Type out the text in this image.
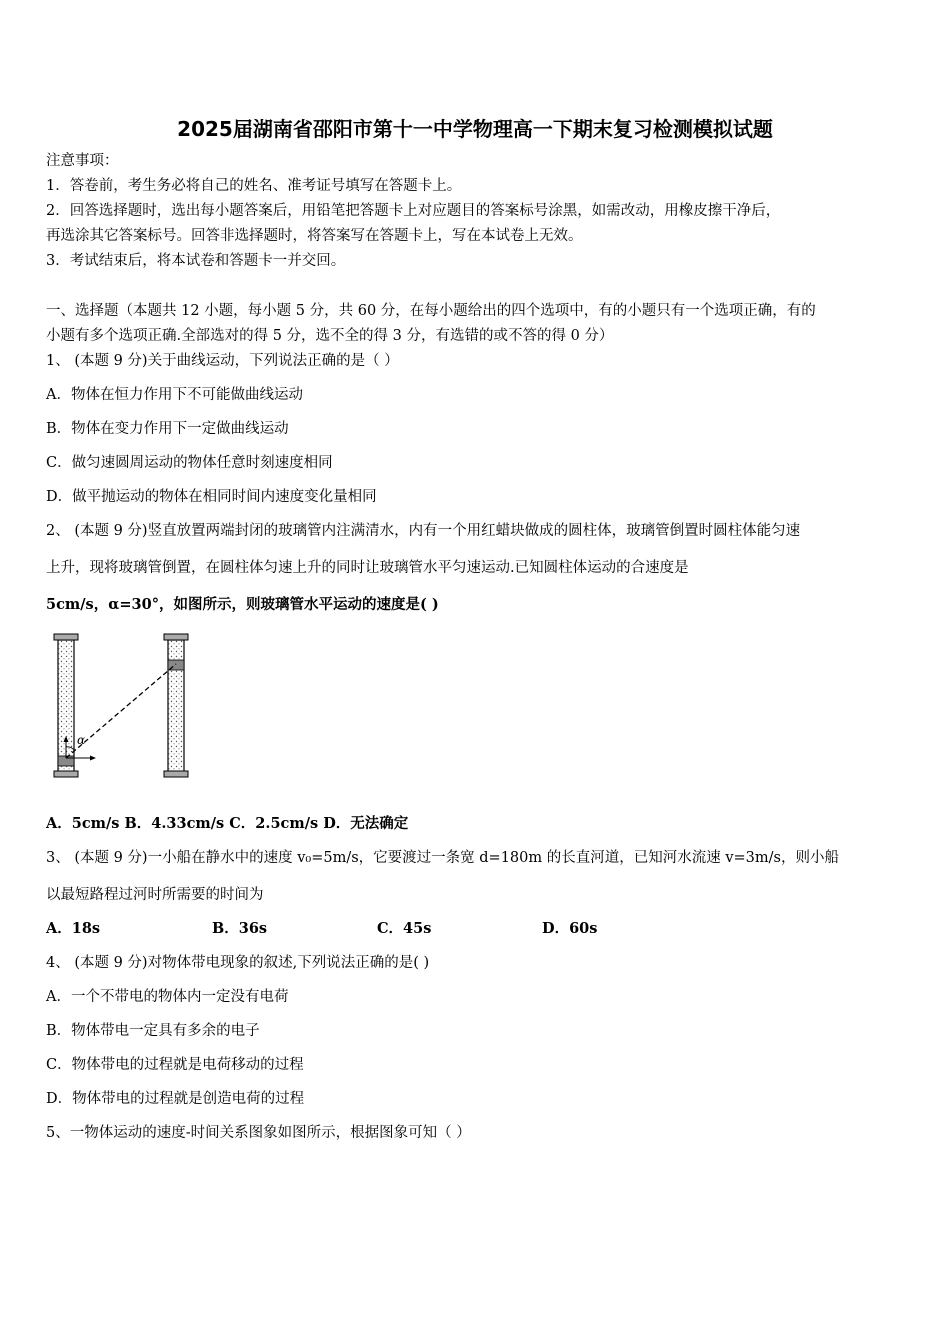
2025届湖南省邵阳市第十一中学物理高一下期末复习检测模拟试题
注意事项：
1．答卷前，考生务必将自己的姓名、准考证号填写在答题卡上。
2．回答选择题时，选出每小题答案后，用铅笔把答题卡上对应题目的答案标号涂黑，如需改动，用橡皮擦干净后，
再选涂其它答案标号。回答非选择题时，将答案写在答题卡上，写在本试卷上无效。
3．考试结束后，将本试卷和答题卡一并交回。
一、选择题（本题共 12 小题，每小题 5 分，共 60 分，在每小题给出的四个选项中，有的小题只有一个选项正确，有的
小题有多个选项正确.全部选对的得 5 分，选不全的得 3 分，有选错的或不答的得 0 分）
1、 (本题 9 分)关于曲线运动，下列说法正确的是（ ）
A．物体在恒力作用下不可能做曲线运动
B．物体在变力作用下一定做曲线运动
C．做匀速圆周运动的物体任意时刻速度相同
D．做平抛运动的物体在相同时间内速度变化量相同
2、 (本题 9 分)竖直放置两端封闭的玻璃管内注满清水，内有一个用红蜡块做成的圆柱体，玻璃管倒置时圆柱体能匀速
上升，现将玻璃管倒置，在圆柱体匀速上升的同时让玻璃管水平匀速运动.已知圆柱体运动的合速度是
5cm/s，α=30°，如图所示，则玻璃管水平运动的速度是( )
α
A．5cm/s B．4.33cm/s C．2.5cm/s D．无法确定
3、 (本题 9 分)一小船在静水中的速度 v₀=5m/s，它要渡过一条宽 d=180m 的长直河道，已知河水流速 v=3m/s，则小船
以最短路程过河时所需要的时间为
A．18s	B．36s	C．45s	D．60s
4、 (本题 9 分)对物体带电现象的叙述,下列说法正确的是( )
A．一个不带电的物体内一定没有电荷
B．物体带电一定具有多余的电子
C．物体带电的过程就是电荷移动的过程
D．物体带电的过程就是创造电荷的过程
5、一物体运动的速度-时间关系图象如图所示，根据图象可知（ ）
